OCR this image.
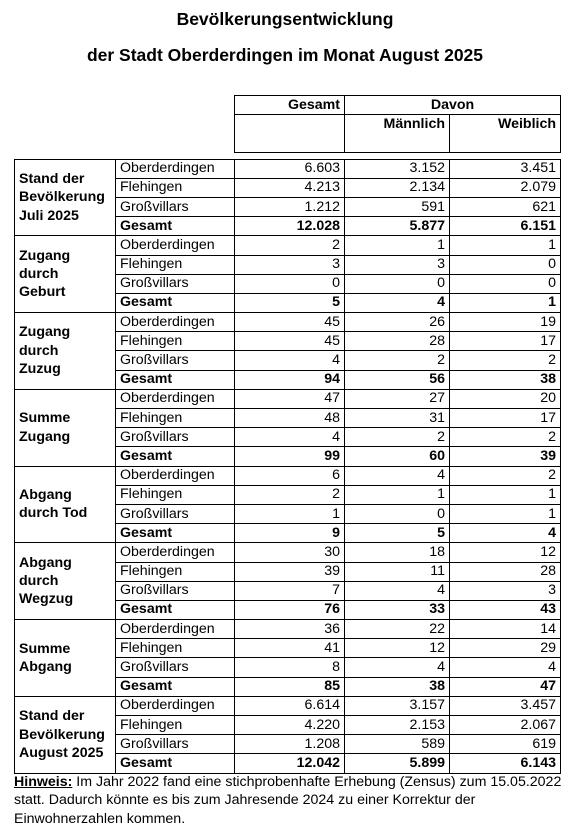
Bevölkerungsentwicklung
der Stadt Oberderdingen im Monat August 2025
		Gesamt	Davon	
			Männlich	Weiblich

Stand der
Bevölkerung
Juli 2025	Oberderdingen	6.603	3.152	3.451
	Flehingen	4.213	2.134	2.079
	Großvillars	1.212	591	621
	Gesamt	12.028	5.877	6.151

Zugang
durch
Geburt	Oberderdingen	2	1	1
	Flehingen	3	3	0
	Großvillars	0	0	0
	Gesamt	5	4	1

Zugang
durch
Zuzug	Oberderdingen	45	26	19
	Flehingen	45	28	17
	Großvillars	4	2	2
	Gesamt	94	56	38

Summe
Zugang	Oberderdingen	47	27	20
	Flehingen	48	31	17
	Großvillars	4	2	2
	Gesamt	99	60	39

Abgang
durch Tod	Oberderdingen	6	4	2
	Flehingen	2	1	1
	Großvillars	1	0	1
	Gesamt	9	5	4

Abgang
durch
Wegzug	Oberderdingen	30	18	12
	Flehingen	39	11	28
	Großvillars	7	4	3
	Gesamt	76	33	43

Summe
Abgang	Oberderdingen	36	22	14
	Flehingen	41	12	29
	Großvillars	8	4	4
	Gesamt	85	38	47

Stand der
Bevölkerung
August 2025	Oberderdingen	6.614	3.157	3.457
	Flehingen	4.220	2.153	2.067
	Großvillars	1.208	589	619
	Gesamt	12.042	5.899	6.143
Hinweis: Im Jahr 2022 fand eine stichprobenhafte Erhebung (Zensus) zum 15.05.2022 statt. Dadurch könnte es bis zum Jahresende 2024 zu einer Korrektur der Einwohnerzahlen kommen.
